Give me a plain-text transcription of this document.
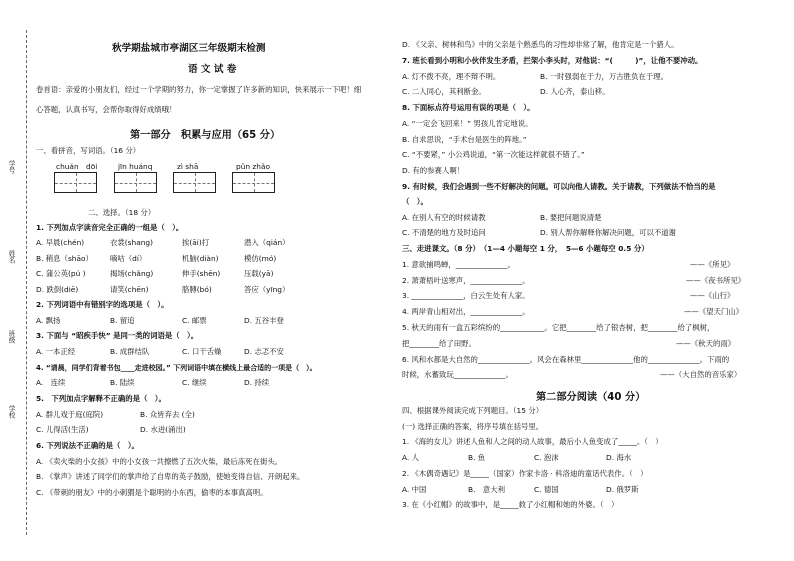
学号
姓名
班级
学校
秋学期盐城市亭湖区三年级期末检测
语 文 试 卷
卷首语：亲爱的小朋友们，经过一个学期的努力，你一定掌握了许多新的知识，快来展示一下吧！细
心答题，认真书写，会帮你取得好成绩哦！
第一部分　积累与应用（65 分）
一、看拼音，写词语。（16 分）
chuán　dōi	jīn huánq	zì shā	pǔn zhǎo
二、选择。（18 分）
1. 下列加点字读音完全正确的一组是（　）。
A. 早晨(chén)	衣裳(shang)	挨(āi)打	潜入（qián）
B. 稍息（shāo） 嘀咕（dí）	机脑(diàn)	模仿(mó)
C. 蒲公英(pú )	揭场(chǎng)	伸手(shēn)	压载(yā)
D. 跌倒(diē)	请笑(chēn)	胳膊(bó)	答应（yīng）
2. 下列词语中有错别字的选项是（　）。
A. 飘扬	B. 留追	C. 邮票	D. 五谷丰登
3. 下面与 “昭疾手快” 是同一类的词语是（　）。
A. 一本正经	B. 成群结队	C. 口干舌燥	D. 忐忑不安
4. “请晨，同学们背着书包____走进校园。” 下列词语中填在横线上最合适的一项是（　）。
A.　连续	B. 陆续	C. 继续	D. 持续
5.　下列加点字解释不正确的是（　）。
A. 群儿戏于庭(庭院)	B. 众皆弃去 (全)
C. 儿得活(生活)	D. 水迸(涌出)
6. 下列说法不正确的是（　）。
A. 《卖火柴的小女孩》中的小女孩一共擦燃了五次火柴，最后冻死在街头。
B. 《掌声》讲述了同学们的掌声给了自卑的英子鼓励，使她变得自信、开朗起来。
C. 《带刺的朋友》中的小刺猬是个聪明的小东西，偷枣的本事真高明。
D. 《父亲、树林和鸟》中的父亲是个熟悉鸟的习性却非常了解，他肯定是一个猎人。
7. 班长看到小明和小伙伴发生矛盾，拦架小李头时，对他说：“(　　　)”，让他不要冲动。
A. 灯不拨不亮，理不辩不明。	B. 一时强弱在于力，万古胜负在于理。
C. 二人同心，其利断金。	D. 人心齐，泰山移。
8. 下面标点符号运用有误的项是（　）。
A. “一定会飞回来！” 男孩儿肯定地说。
B. 自求思说，“手术台是医生的阵地。”
C. “不要紧，” 小公鸡说道，“第一次能这样就很不错了。”
D. 有的参赛人啊！
9. 有时候，我们会遇到一些不好解决的问题。可以向他人请教。关于请教，下列做法不恰当的是
（　）。
A. 在别人有空的时候请教	B. 要把问题说清楚
C. 不清楚的地方及时追问	D. 别人帮你解释你解决问题，可以不道谢
三、走进课文。（8 分）　（1—4 小题每空 1 分，　5—6 小题每空 0.5 分）
1. 意欲捕鸣蝉，______________。	——《所见》
2. 萧萧梧叶送寒声，______________。	——《夜书所见》
3. ______________，白云生处有人家。	——《山行》
4. 两岸青山相对出，______________。	——《望天门山》
5. 秋天的雨有一盒五彩缤纷的____________。它把________给了银杏树，把________给了枫树，
把________给了田野。	——《秋天的雨》
6. 风和水都是大自然的______________。风会在森林里______________他的______________。下雨的
时候，水蓄致玩______________。	——（大自然的音乐家）
第二部分阅读（40 分）
四、根据课外阅读完成下列题目。（15 分）
(一) 选择正确的答案，将序号填在括号里。
1. 《海的女儿》讲述人鱼和人之间的动人故事，最后小人鱼变成了_____。（　）
A. 人	B. 鱼	C. 泡沫	D. 海水
2. 《木偶奇遇记》是_____（国家）作家卡洛 · 科洛迪的童话代表作。（　）
A. 中国	B.　意大利	C. 德国	D. 俄罗斯
3. 在《小红帽》的故事中，是_____救了小红帽和她的外婆。（　）
